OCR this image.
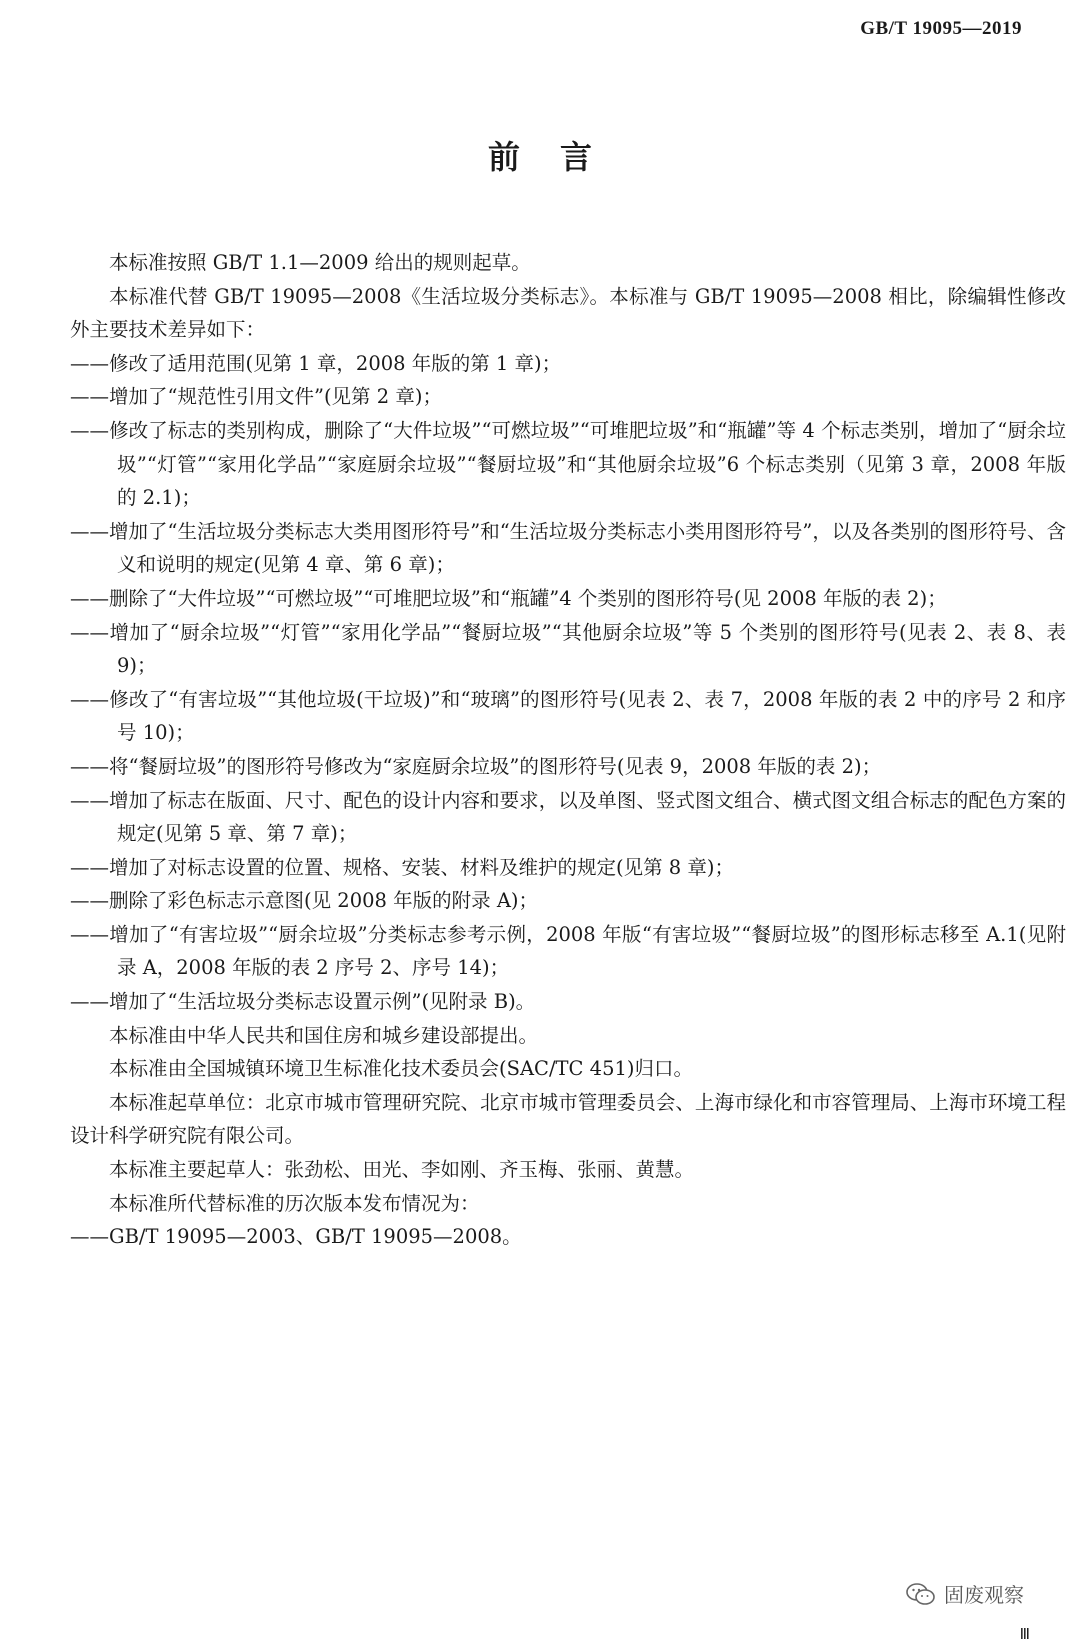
GB/T 19095—2019
前言

本标准按照 GB/T 1.1—2009 给出的规则起草。

本标准代替 GB/T 19095—2008《生活垃圾分类标志》。本标准与 GB/T 19095—2008 相比，除编辑性修改外主要技术差异如下：

——修改了适用范围(见第 1 章，2008 年版的第 1 章)；

——增加了“规范性引用文件”(见第 2 章)；

——修改了标志的类别构成，删除了“大件垃圾”“可燃垃圾”“可堆肥垃圾”和“瓶罐”等 4 个标志类别，增加了“厨余垃圾”“灯管”“家用化学品”“家庭厨余垃圾”“餐厨垃圾”和“其他厨余垃圾”6 个标志类别（见第 3 章，2008 年版的 2.1)；

——增加了“生活垃圾分类标志大类用图形符号”和“生活垃圾分类标志小类用图形符号”，以及各类别的图形符号、含义和说明的规定(见第 4 章、第 6 章)；

——删除了“大件垃圾”“可燃垃圾”“可堆肥垃圾”和“瓶罐”4 个类别的图形符号(见 2008 年版的表 2)；

——增加了“厨余垃圾”“灯管”“家用化学品”“餐厨垃圾”“其他厨余垃圾”等 5 个类别的图形符号(见表 2、表 8、表 9)；

——修改了“有害垃圾”“其他垃圾(干垃圾)”和“玻璃”的图形符号(见表 2、表 7，2008 年版的表 2 中的序号 2 和序号 10)；

——将“餐厨垃圾”的图形符号修改为“家庭厨余垃圾”的图形符号(见表 9，2008 年版的表 2)；

——增加了标志在版面、尺寸、配色的设计内容和要求，以及单图、竖式图文组合、横式图文组合标志的配色方案的规定(见第 5 章、第 7 章)；

——增加了对标志设置的位置、规格、安装、材料及维护的规定(见第 8 章)；

——删除了彩色标志示意图(见 2008 年版的附录 A)；

——增加了“有害垃圾”“厨余垃圾”分类标志参考示例，2008 年版“有害垃圾”“餐厨垃圾”的图形标志移至 A.1(见附录 A，2008 年版的表 2 序号 2、序号 14)；

——增加了“生活垃圾分类标志设置示例”(见附录 B)。

本标准由中华人民共和国住房和城乡建设部提出。

本标准由全国城镇环境卫生标准化技术委员会(SAC/TC 451)归口。

本标准起草单位：北京市城市管理研究院、北京市城市管理委员会、上海市绿化和市容管理局、上海市环境工程设计科学研究院有限公司。

本标准主要起草人：张劲松、田光、李如刚、齐玉梅、张丽、黄慧。

本标准所代替标准的历次版本发布情况为：

——GB/T 19095—2003、GB/T 19095—2008。

固废观察
Ⅲ
